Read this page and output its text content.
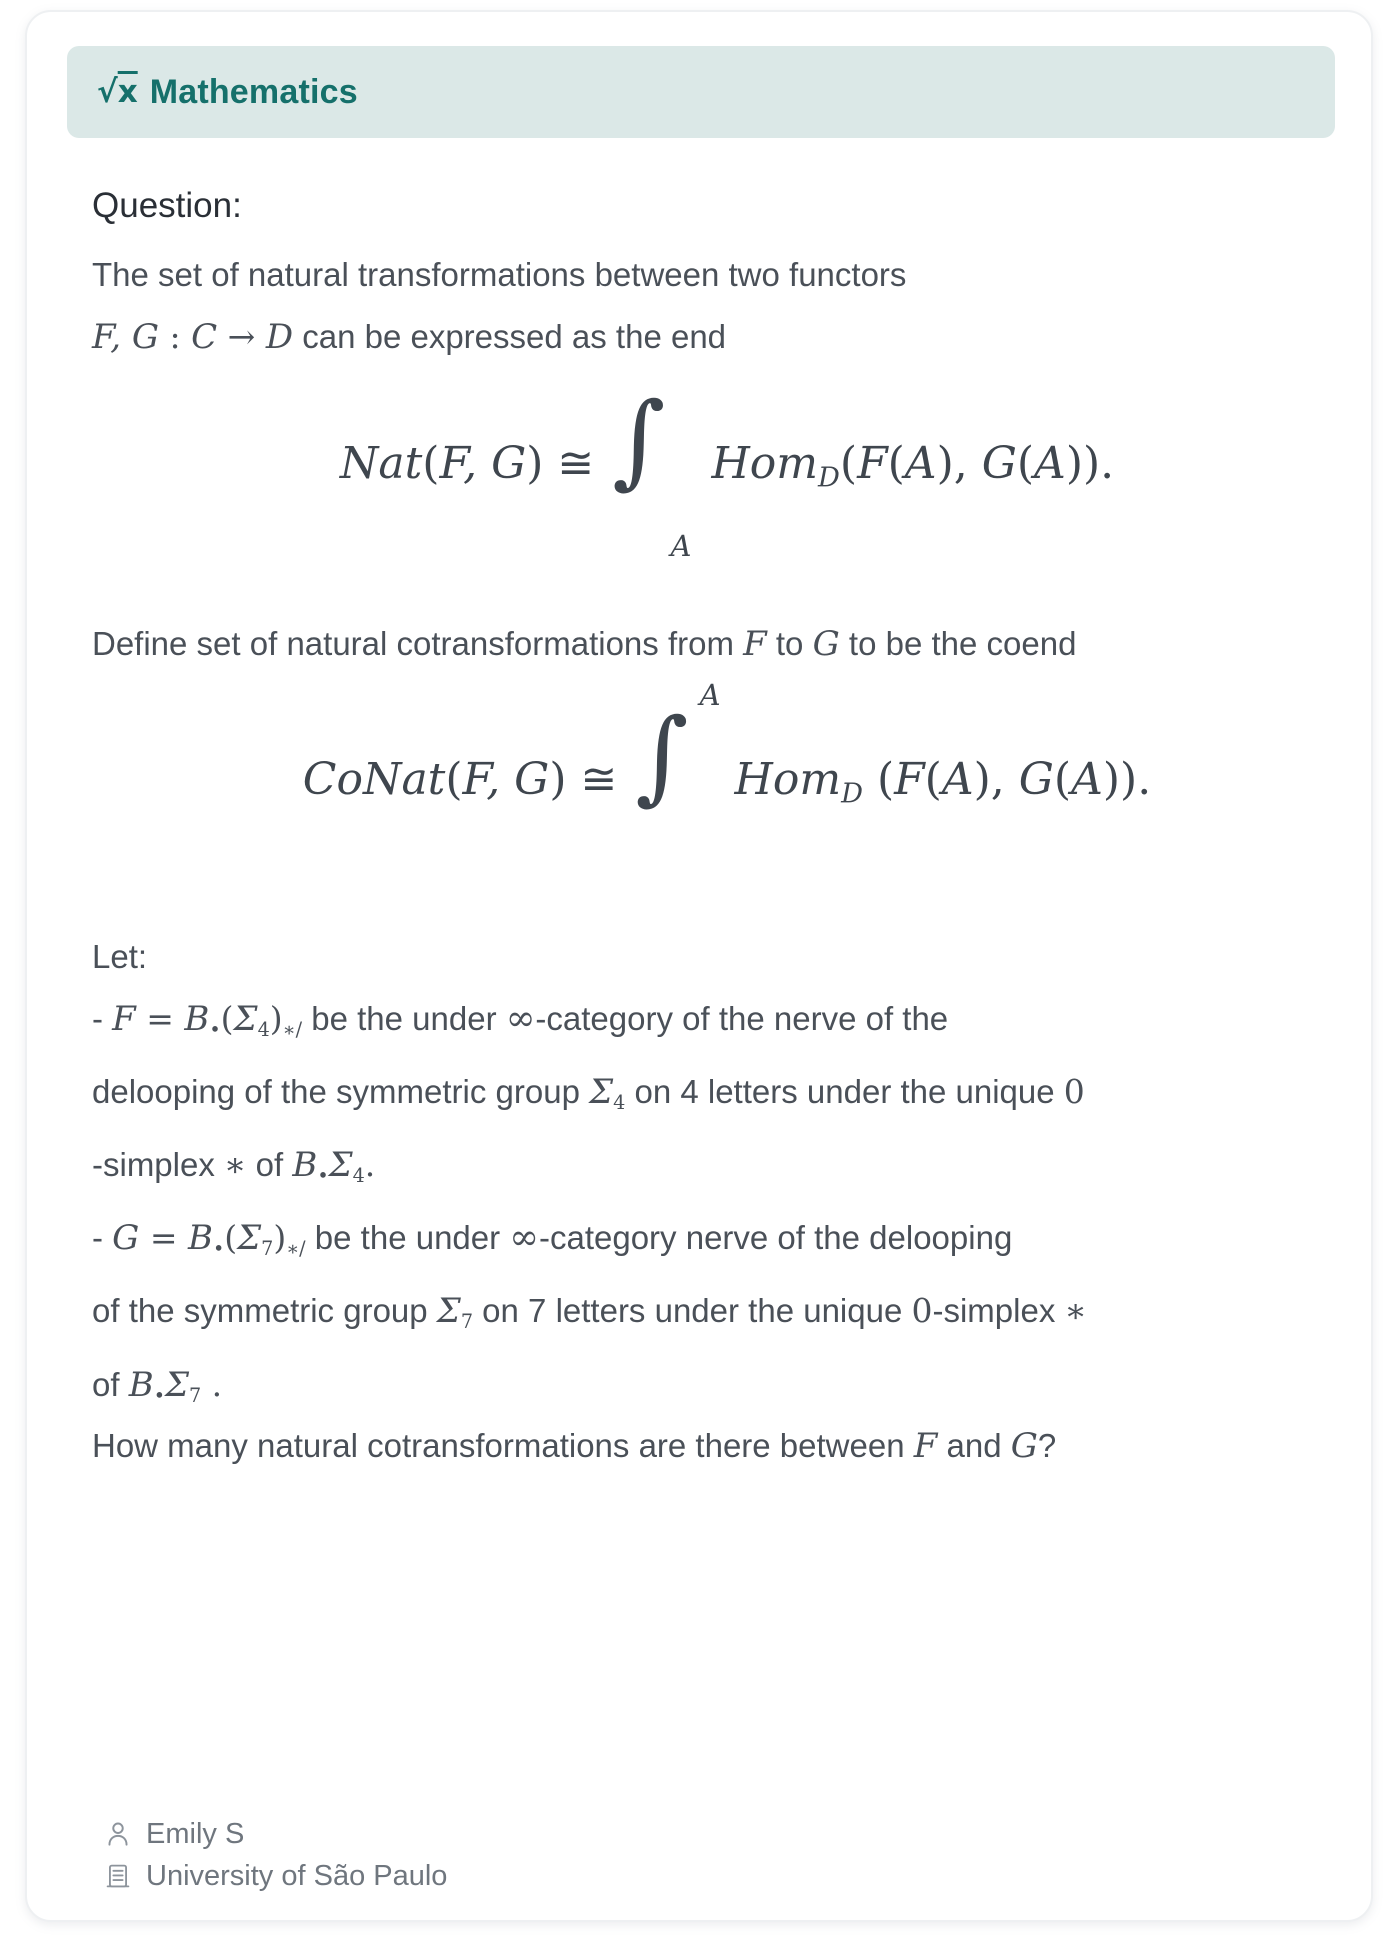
√x Mathematics
Question:
The set of natural transformations between two functors
F, G : C → D can be expressed as the end
Nat(F, G) ≅ ∫
A
HomD(F(A), G(A)).
Define set of natural cotransformations from F to G to be the coend
CoNat(F, G) ≅ ∫
A
HomD (F(A), G(A)).
Let:
- F = B•(Σ4)∗/ be the under ∞-category of the nerve of the
delooping of the symmetric group Σ4 on 4 letters under the unique 0
-simplex ∗ of B•Σ4.
- G = B•(Σ7)∗/ be the under ∞-category nerve of the delooping
of the symmetric group Σ7 on 7 letters under the unique 0-simplex ∗
of B•Σ7 .
How many natural cotransformations are there between F and G?
Emily S
University of São Paulo
